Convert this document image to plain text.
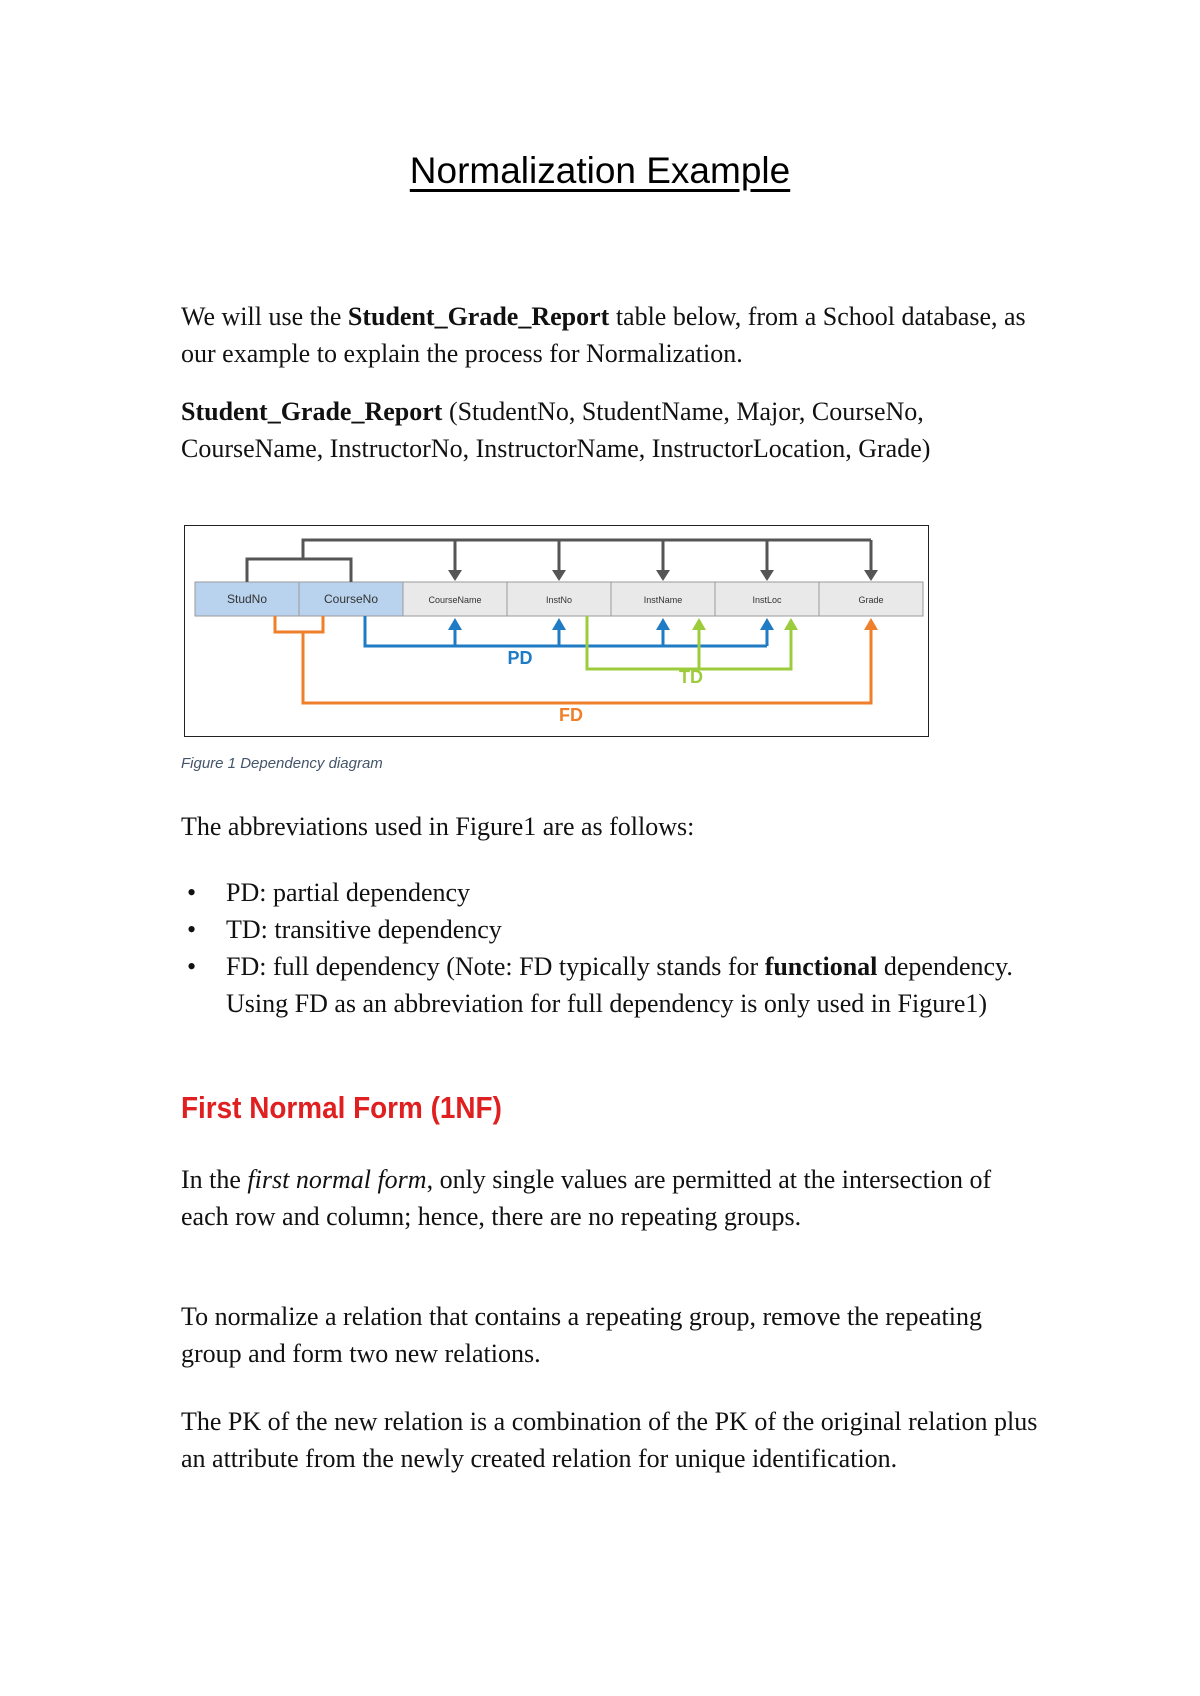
Normalization Example

We will use the Student_Grade_Report table below, from a School database, as our example to explain the process for Normalization.

Student_Grade_Report (StudentNo, StudentName, Major, CourseNo, CourseName, InstructorNo, InstructorName, InstructorLocation, Grade)

StudNo	CourseNo	CourseName	InstNo	InstName	InstLoc	Grade
PD
TD
FD
Figure 1 Dependency diagram

The abbreviations used in Figure1 are as follows:

• PD: partial dependency
• TD: transitive dependency
• FD: full dependency (Note: FD typically stands for functional dependency. Using FD as an abbreviation for full dependency is only used in Figure1)
First Normal Form (1NF)

In the first normal form, only single values are permitted at the intersection of each row and column; hence, there are no repeating groups.

To normalize a relation that contains a repeating group, remove the repeating group and form two new relations.

The PK of the new relation is a combination of the PK of the original relation plus an attribute from the newly created relation for unique identification.
